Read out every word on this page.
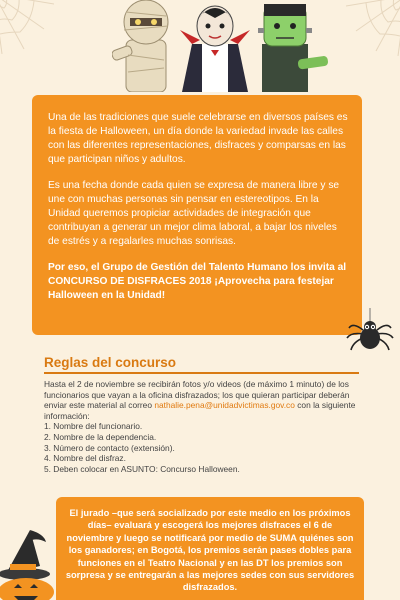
Una de las tradiciones que suele celebrarse en diversos países es la fiesta de Halloween, un día donde la variedad invade las calles con las diferentes representaciones, disfraces y comparsas en las que participan niños y adultos.

Es una fecha donde cada quien se expresa de manera libre y se une con muchas personas sin pensar en estereotipos. En la Unidad queremos propiciar actividades de integración que contribuyan a generar un mejor clima laboral, a bajar los niveles de estrés y a regalarles muchas sonrisas.

Por eso, el Grupo de Gestión del Talento Humano los invita al CONCURSO DE DISFRACES 2018 ¡Aprovecha para festejar Halloween en la Unidad!

Reglas del concurso
Hasta el 2 de noviembre se recibirán fotos y/o videos (de máximo 1 minuto) de los funcionarios que vayan a la oficina disfrazados; los que quieran participar deberán enviar este material al correo nathalie.pena@unidadvictimas.gov.co con la siguiente información:
1. Nombre del funcionario.
2. Nombre de la dependencia.
3. Número de contacto (extensión).
4. Nombre del disfraz.
5. Deben colocar en ASUNTO: Concurso Halloween.

El jurado –que será socializado por este medio en los próximos días– evaluará y escogerá los mejores disfraces el 6 de noviembre y luego se notificará por medio de SUMA quiénes son los ganadores; en Bogotá, los premios serán pases dobles para funciones en el Teatro Nacional y en las DT los premios son sorpresa y se entregarán a las mejores sedes con sus servidores disfrazados.
